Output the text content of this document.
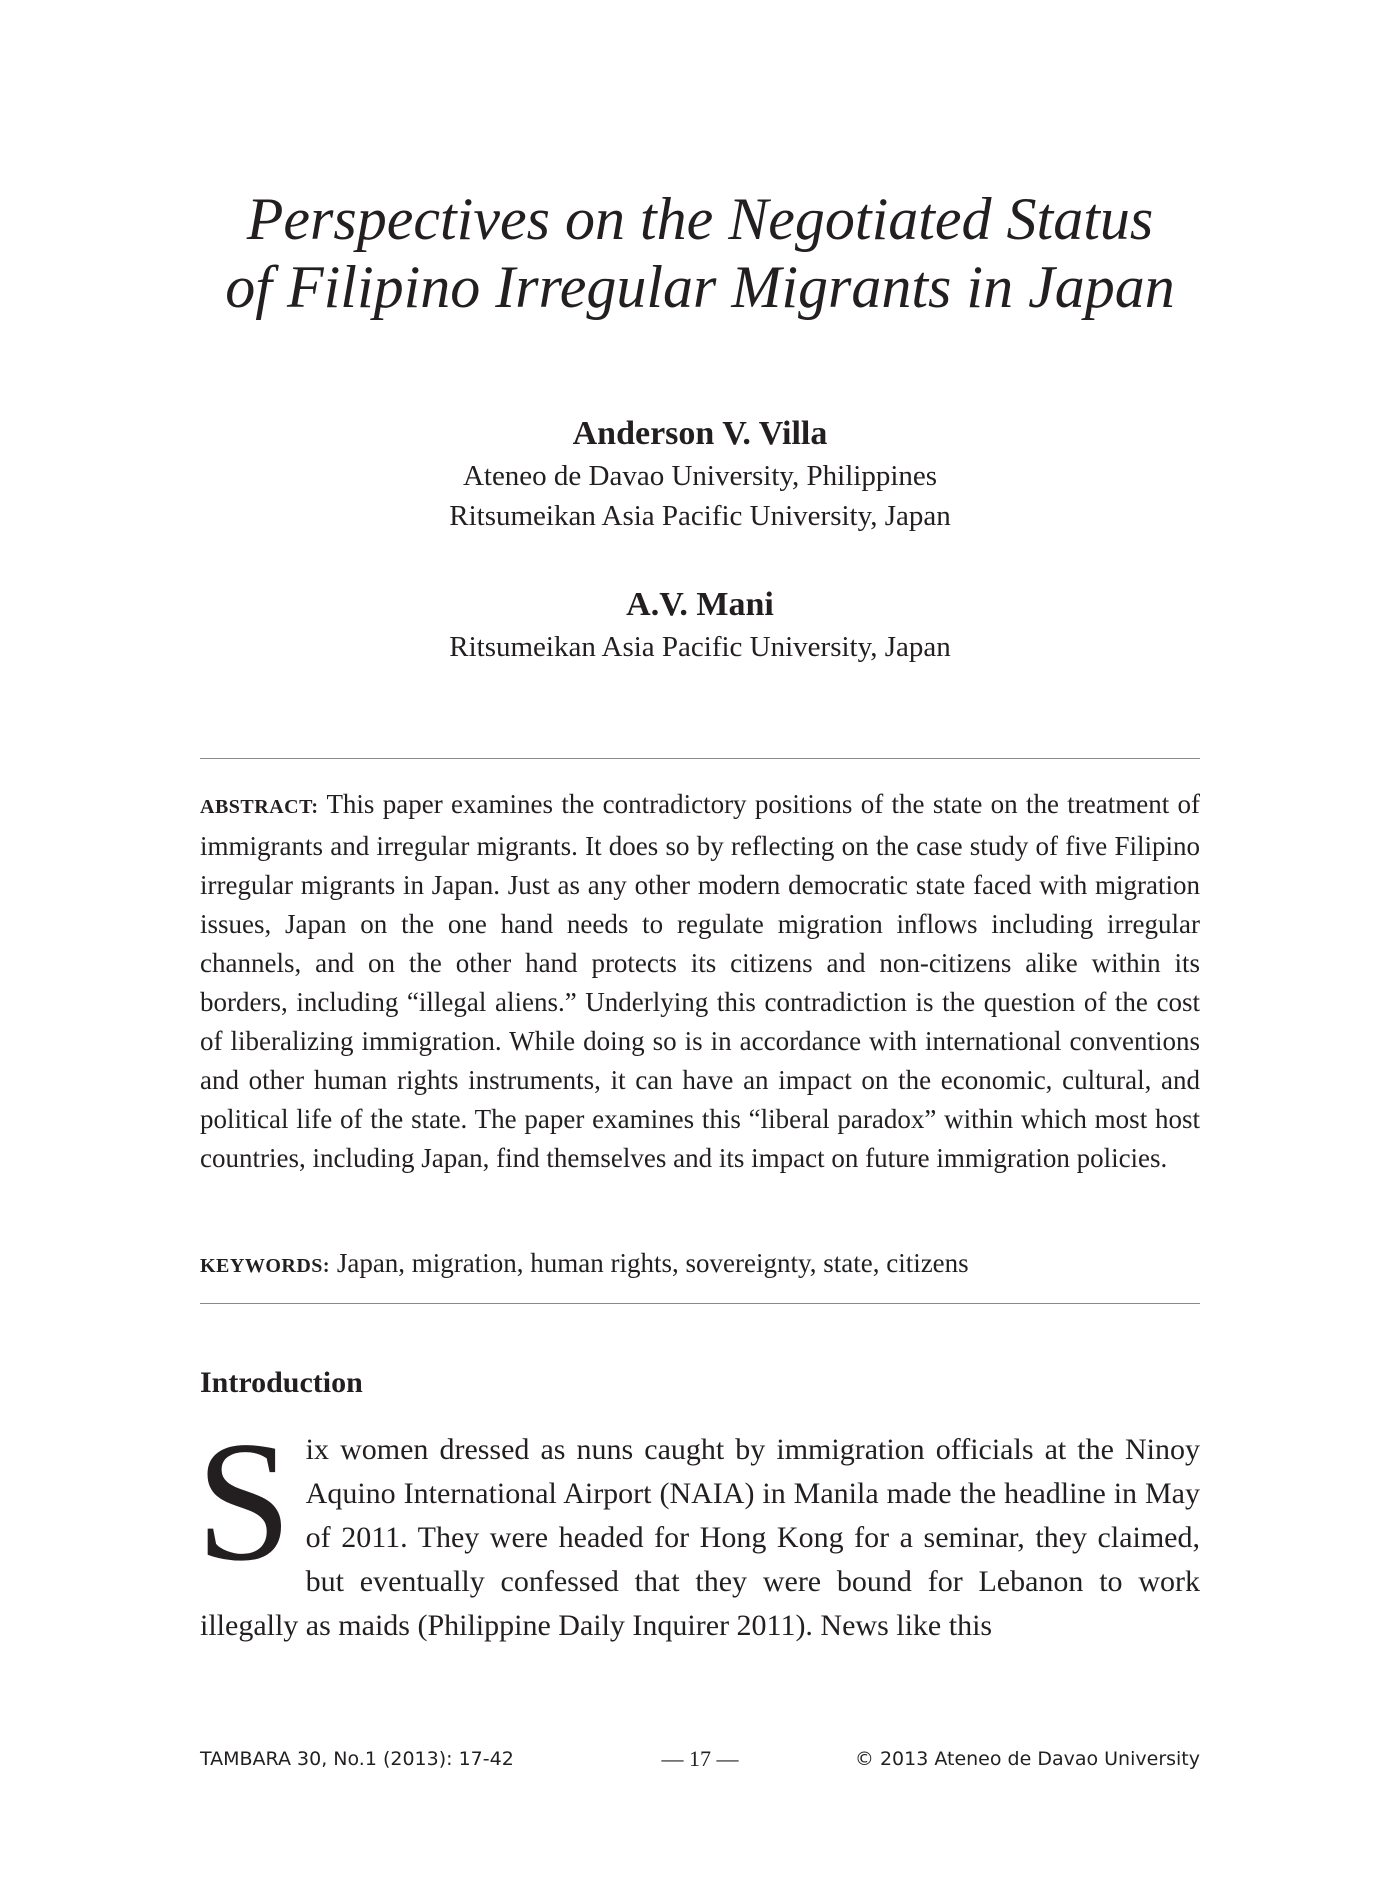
Perspectives on the Negotiated Status
of Filipino Irregular Migrants in Japan

Anderson V. Villa

Ateneo de Davao University, Philippines

Ritsumeikan Asia Pacific University, Japan

A.V. Mani

Ritsumeikan Asia Pacific University, Japan

ABSTRACT: This paper examines the contradictory positions of the state on the treatment of immigrants and irregular migrants. It does so by reflecting on the case study of five Filipino irregular migrants in Japan. Just as any other modern democratic state faced with migration issues, Japan on the one hand needs to regulate migration inflows including irregular channels, and on the other hand protects its citizens and non-citizens alike within its borders, including “illegal aliens.” Underlying this contradiction is the question of the cost of liberalizing immigration. While doing so is in accordance with international conventions and other human rights instruments, it can have an impact on the economic, cultural, and political life of the state. The paper examines this “liberal paradox” within which most host countries, including Japan, find themselves and its impact on future immigration policies.

KEYWORDS: Japan, migration, human rights, sovereignty, state, citizens

Introduction

Six women dressed as nuns caught by immigration officials at the Ninoy Aquino International Airport (NAIA) in Manila made the headline in May of 2011. They were headed for Hong Kong for a seminar, they claimed, but eventually confessed that they were bound for Lebanon to work illegally as maids (Philippine Daily Inquirer 2011). News like this

TAMBARA 30, No.1 (2013): 17-42	— 17 —	© 2013 Ateneo de Davao University
